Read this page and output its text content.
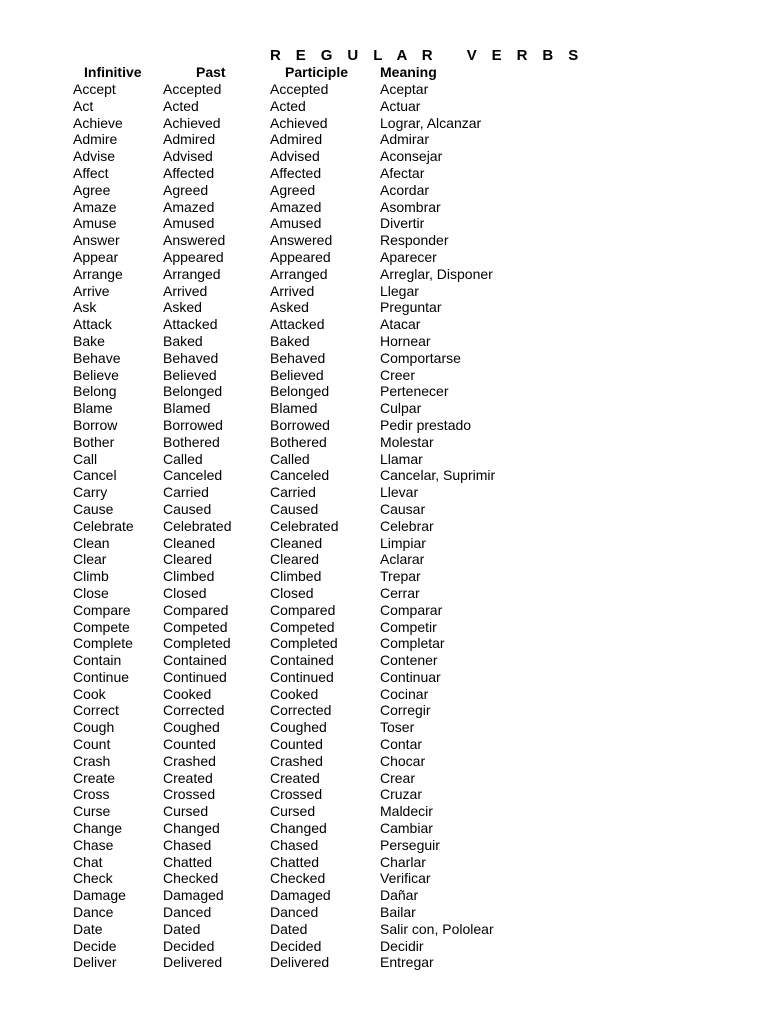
R E G U L A R   V E R B S
Infinitive	Past	Participle Meaning
Accept	Accepted	Accepted	Aceptar
Act	Acted	Acted	Actuar
Achieve	Achieved	Achieved	Lograr, Alcanzar
Admire	Admired	Admired	Admirar
Advise	Advised	Advised	Aconsejar
Affect	Affected	Affected	Afectar
Agree	Agreed	Agreed	Acordar
Amaze	Amazed	Amazed	Asombrar
Amuse	Amused	Amused	Divertir
Answer	Answered	Answered	Responder
Appear	Appeared	Appeared	Aparecer
Arrange	Arranged	Arranged	Arreglar, Disponer
Arrive	Arrived	Arrived	Llegar
Ask	Asked	Asked	Preguntar
Attack	Attacked	Attacked	Atacar
Bake	Baked	Baked	Hornear
Behave	Behaved	Behaved	Comportarse
Believe	Believed	Believed	Creer
Belong	Belonged	Belonged	Pertenecer
Blame	Blamed	Blamed	Culpar
Borrow	Borrowed	Borrowed	Pedir prestado
Bother	Bothered	Bothered	Molestar
Call	Called	Called	Llamar
Cancel	Canceled	Canceled	Cancelar, Suprimir
Carry	Carried	Carried	Llevar
Cause	Caused	Caused	Causar
Celebrate Celebrated	Celebrated	Celebrar
Clean	Cleaned	Cleaned	Limpiar
Clear	Cleared	Cleared	Aclarar
Climb	Climbed	Climbed	Trepar
Close	Closed	Closed	Cerrar
Compare Compared	Compared	Comparar
Compete Competed	Competed	Competir
Complete Completed	Completed	Completar
Contain	Contained	Contained	Contener
Continue Continued	Continued	Continuar
Cook	Cooked	Cooked	Cocinar
Correct	Corrected	Corrected	Corregir
Cough	Coughed	Coughed	Toser
Count	Counted	Counted	Contar
Crash	Crashed	Crashed	Chocar
Create	Created	Created	Crear
Cross	Crossed	Crossed	Cruzar
Curse	Cursed	Cursed	Maldecir
Change	Changed	Changed	Cambiar
Chase	Chased	Chased	Perseguir
Chat	Chatted	Chatted	Charlar
Check	Checked	Checked	Verificar
Damage	Damaged	Damaged	Dañar
Dance	Danced	Danced	Bailar
Date	Dated	Dated	Salir con, Pololear
Decide	Decided	Decided	Decidir
Deliver	Delivered	Delivered	Entregar
